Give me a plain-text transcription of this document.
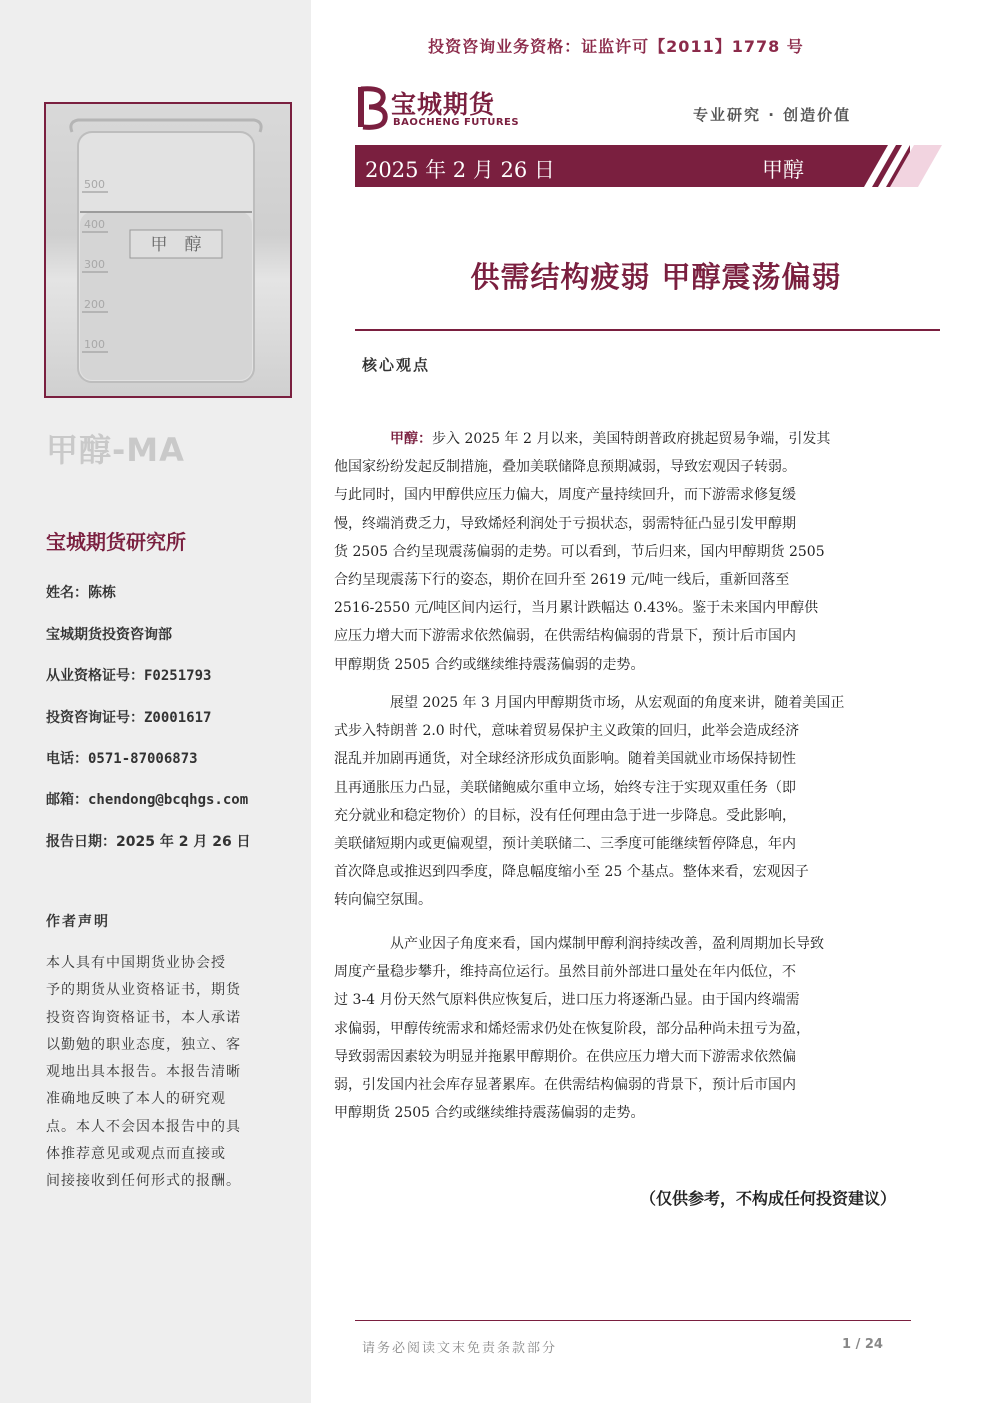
500
400
300
200
100
甲　醇
甲醇-MA
宝城期货研究所
姓名：陈栋
宝城期货投资咨询部
从业资格证号：F0251793
投资咨询证号：Z0001617
电话：0571-87006873
邮箱：chendong@bcqhgs.com
报告日期：2025 年 2 月 26 日
作者声明
本人具有中国期货业协会授
予的期货从业资格证书，期货
投资咨询资格证书，本人承诺
以勤勉的职业态度，独立、客
观地出具本报告。本报告清晰
准确地反映了本人的研究观
点。本人不会因本报告中的具
体推荐意见或观点而直接或
间接接收到任何形式的报酬。
投资咨询业务资格：证监许可【2011】1778 号
宝城期货
BAOCHENG FUTURES	专业研究 · 创造价值
2025 年 2 月 26 日	甲醇
供需结构疲弱 甲醇震荡偏弱
核心观点
甲醇：步入 2025 年 2 月以来，美国特朗普政府挑起贸易争端，引发其
他国家纷纷发起反制措施，叠加美联储降息预期减弱，导致宏观因子转弱。
与此同时，国内甲醇供应压力偏大，周度产量持续回升，而下游需求修复缓
慢，终端消费乏力，导致烯烃利润处于亏损状态，弱需特征凸显引发甲醇期
货 2505 合约呈现震荡偏弱的走势。可以看到，节后归来，国内甲醇期货 2505
合约呈现震荡下行的姿态，期价在回升至 2619 元/吨一线后，重新回落至
2516-2550 元/吨区间内运行，当月累计跌幅达 0.43%。鉴于未来国内甲醇供
应压力增大而下游需求依然偏弱，在供需结构偏弱的背景下，预计后市国内
甲醇期货 2505 合约或继续维持震荡偏弱的走势。
展望 2025 年 3 月国内甲醇期货市场，从宏观面的角度来讲，随着美国正
式步入特朗普 2.0 时代，意味着贸易保护主义政策的回归，此举会造成经济
混乱并加剧再通货，对全球经济形成负面影响。随着美国就业市场保持韧性
且再通胀压力凸显，美联储鲍威尔重申立场，始终专注于实现双重任务（即
充分就业和稳定物价）的目标，没有任何理由急于进一步降息。受此影响，
美联储短期内或更偏观望，预计美联储二、三季度可能继续暂停降息，年内
首次降息或推迟到四季度，降息幅度缩小至 25 个基点。整体来看，宏观因子
转向偏空氛围。
从产业因子角度来看，国内煤制甲醇利润持续改善，盈利周期加长导致
周度产量稳步攀升，维持高位运行。虽然目前外部进口量处在年内低位，不
过 3-4 月份天然气原料供应恢复后，进口压力将逐渐凸显。由于国内终端需
求偏弱，甲醇传统需求和烯烃需求仍处在恢复阶段，部分品种尚未扭亏为盈，
导致弱需因素较为明显并拖累甲醇期价。在供应压力增大而下游需求依然偏
弱，引发国内社会库存显著累库。在供需结构偏弱的背景下，预计后市国内
甲醇期货 2505 合约或继续维持震荡偏弱的走势。
（仅供参考，不构成任何投资建议）
请务必阅读文末免责条款部分	1 / 24
